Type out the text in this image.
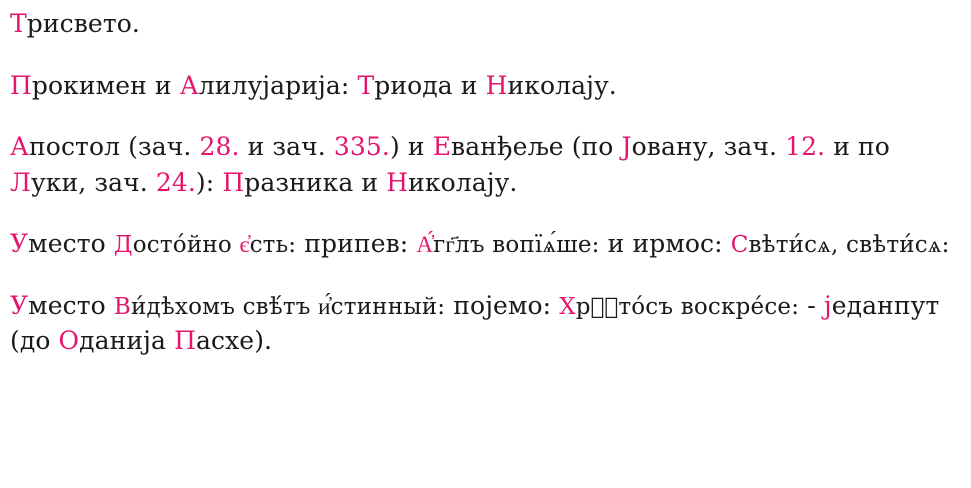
Трисвето.

Прокимен и Алилујарија: Триода и Николају.

Апостол (зач. 28. и зач. 335.) и Еванђеље (по Јовану, зач. 12. и по Луки, зач. 24.): Празника и Николају.

Уместо Досто́йно є҆сть: припев: А҆́гг҃лъ вопїѧ́ше: и ирмос: Свѣти́сѧ, свѣти́сѧ:

Уместо Ви́дѣхомъ свѣ́тъ и҆́стинный: појемо: Хрⷭ҇то́съ воскре́се: - једанпут (до Оданија Пасхе).
